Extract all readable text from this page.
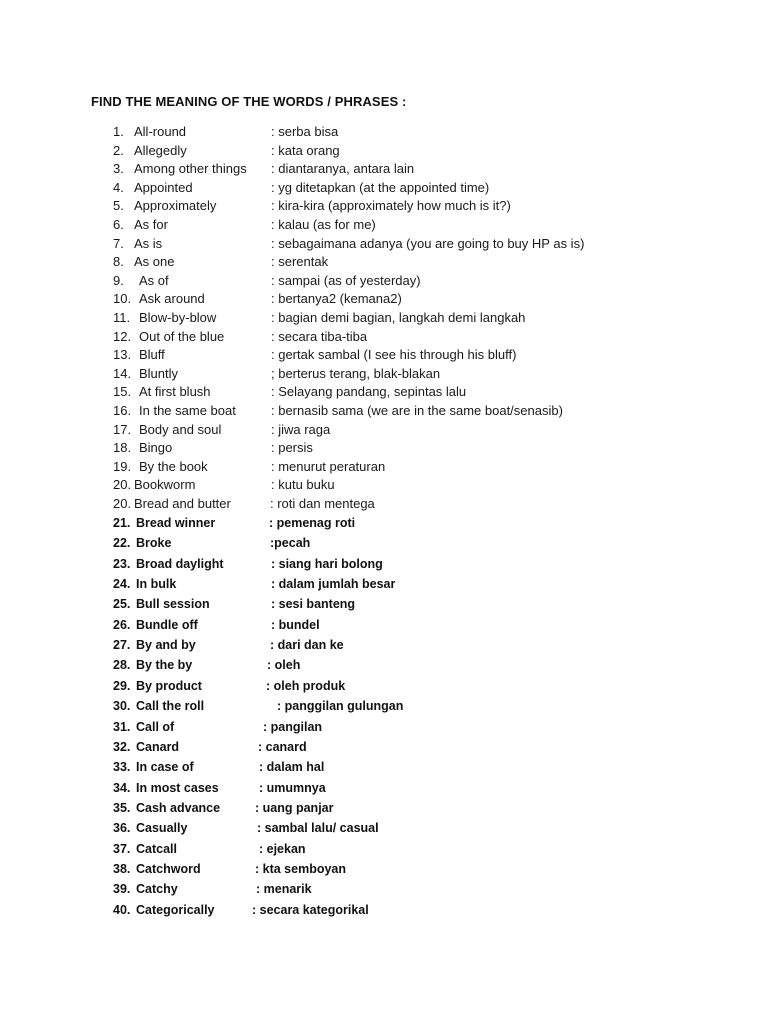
FIND THE MEANING OF THE WORDS / PHRASES :
1. All-round	: serba bisa
2. Allegedly	: kata orang
3. Among other things : diantaranya, antara lain
4. Appointed	: yg ditetapkan (at the appointed time)
5. Approximately	: kira-kira (approximately how much is it?)
6. As for	: kalau (as for me)
7. As is	: sebagaimana adanya (you are going to buy HP as is)
8. As one	: serentak
9. As of	: sampai (as of yesterday)
10. Ask around	: bertanya2 (kemana2)
11. Blow-by-blow	: bagian demi bagian, langkah demi langkah
12. Out of the blue	: secara tiba-tiba
13. Bluff	: gertak sambal (I see his through his bluff)
14. Bluntly	; berterus terang, blak-blakan
15. At first blush	: Selayang pandang, sepintas lalu
16. In the same boat	: bernasib sama (we are in the same boat/senasib)
17. Body and soul	: jiwa raga
18. Bingo	: persis
19. By the book	: menurut peraturan
20. Bookworm	: kutu buku
20. Bread and butter	: roti dan mentega
21. Bread winner	: pemenag roti
22. Broke	:pecah
23. Broad daylight	: siang hari bolong
24. In bulk	: dalam jumlah besar
25. Bull session	: sesi banteng
26. Bundle off	: bundel
27. By and by	: dari dan ke
28. By the by	: oleh
29. By product	: oleh produk
30. Call the roll	: panggilan gulungan
31. Call of	: pangilan
32. Canard	: canard
33. In case of	: dalam hal
34. In most cases	: umumnya
35. Cash advance	: uang panjar
36. Casually	: sambal lalu/ casual
37. Catcall	: ejekan
38. Catchword	: kta semboyan
39. Catchy	: menarik
40. Categorically	: secara kategorikal
